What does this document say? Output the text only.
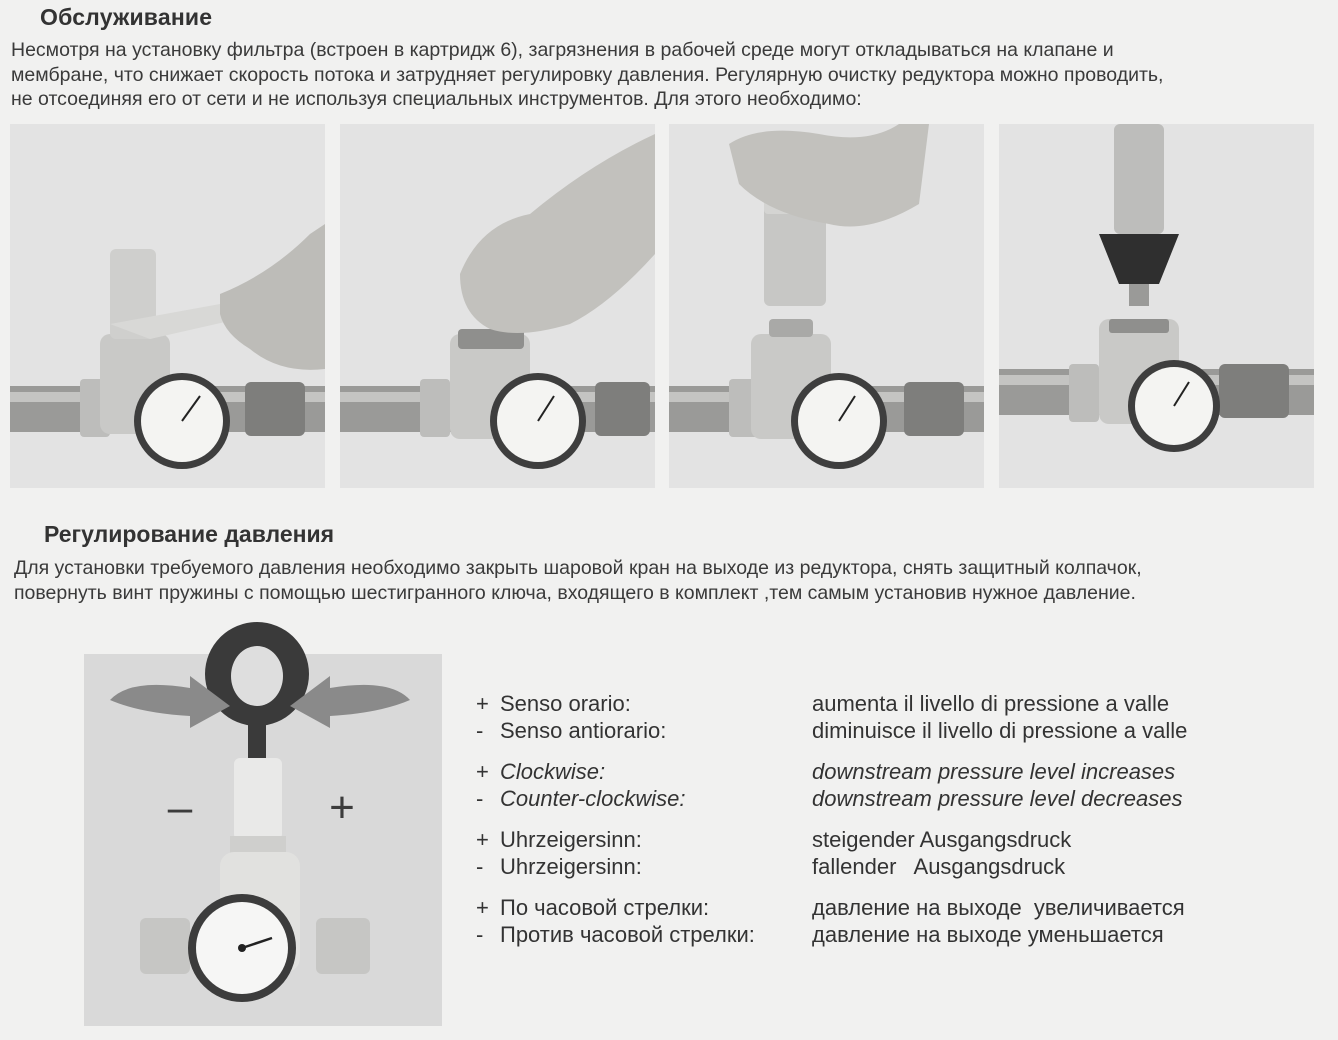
Обслуживание
Несмотря на установку фильтра (встроен в картридж 6), загрязнения в рабочей среде могут откладываться на клапане и
мембране, что снижает скорость потока и затрудняет регулировку давления. Регулярную очистку редуктора можно проводить,
не отсоединяя его от сети и не используя специальных инструментов. Для этого необходимо:
Регулирование давления
Для установки требуемого давления необходимо закрыть шаровой кран на выходе из редуктора, снять защитный колпачок,
повернуть винт пружины с помощью шестигранного ключа, входящего в комплект ,тем самым установив нужное давление.
–	+
+ Senso orario:	aumenta il livello di pressione a valle
- Senso antiorario:	diminuisce il livello di pressione a valle
+ Clockwise:	downstream pressure level increases
- Counter-clockwise:	downstream pressure level decreases
+ Uhrzeigersinn:	steigender Ausgangsdruck
- Uhrzeigersinn:	fallender   Ausgangsdruck
+ По часовой стрелки:	давление на выходе  увеличивается
- Против часовой стрелки:	давление на выходе уменьшается
